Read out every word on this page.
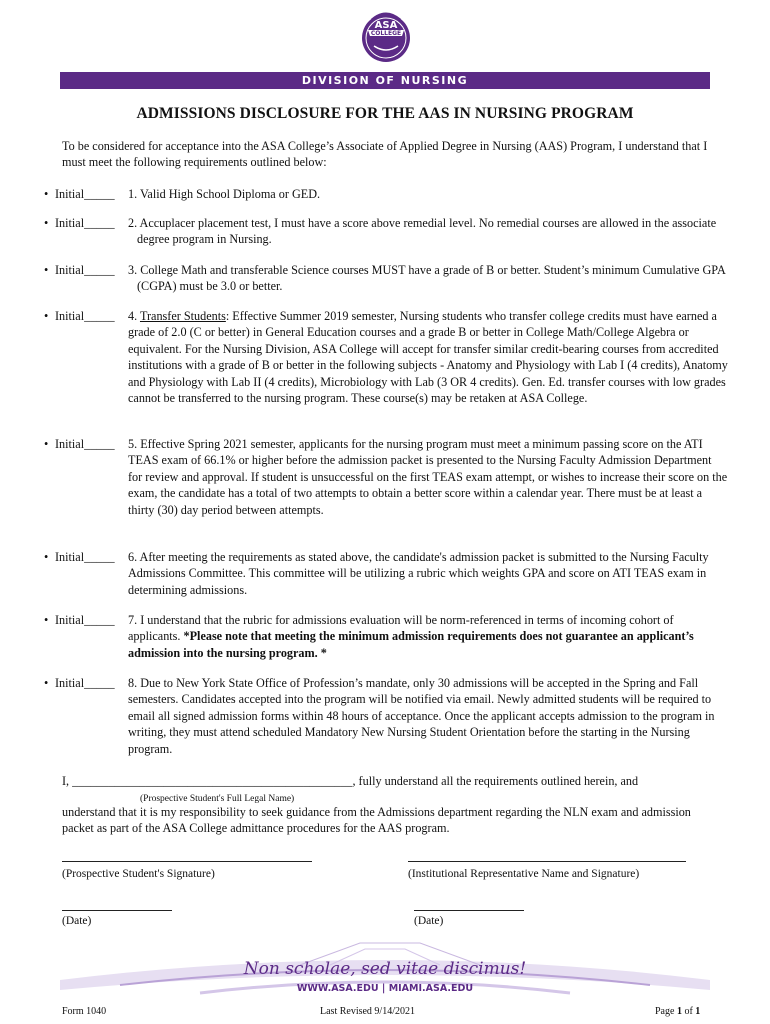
ASA
COLLEGE
DIVISION OF NURSING
ADMISSIONS DISCLOSURE FOR THE AAS IN NURSING PROGRAM

To be considered for acceptance into the ASA College’s Associate of Applied Degree in Nursing (AAS) Program, I understand that I must meet the following requirements outlined below:

• Initial_____ 1. Valid High School Diploma or GED.
• Initial_____ 2. Accuplacer placement test, I must have a score above remedial level. No remedial courses are allowed in the associate degree program in Nursing.
• Initial_____ 3. College Math and transferable Science courses MUST have a grade of B or better. Student’s minimum Cumulative GPA (CGPA) must be 3.0 or better.
• Initial_____ 4. Transfer Students: Effective Summer 2019 semester, Nursing students who transfer college credits must have earned a grade of 2.0 (C or better) in General Education courses and a grade B or better in College Math/College Algebra or equivalent. For the Nursing Division, ASA College will accept for transfer similar credit-bearing courses from accredited institutions with a grade of B or better in the following subjects - Anatomy and Physiology with Lab I (4 credits), Anatomy and Physiology with Lab II (4 credits), Microbiology with Lab (3 OR 4 credits). Gen. Ed. transfer courses with low grades cannot be transferred to the nursing program. These course(s) may be retaken at ASA College.
• Initial_____ 5. Effective Spring 2021 semester, applicants for the nursing program must meet a minimum passing score on the ATI TEAS exam of 66.1% or higher before the admission packet is presented to the Nursing Faculty Admission Department for review and approval. If student is unsuccessful on the first TEAS exam attempt, or wishes to increase their score on the exam, the candidate has a total of two attempts to obtain a better score within a calendar year. There must be at least a thirty (30) day period between attempts.
• Initial_____ 6. After meeting the requirements as stated above, the candidate's admission packet is submitted to the Nursing Faculty Admissions Committee. This committee will be utilizing a rubric which weights GPA and score on ATI TEAS exam in determining admissions.
• Initial_____ 7. I understand that the rubric for admissions evaluation will be norm-referenced in terms of incoming cohort of applicants. *Please note that meeting the minimum admission requirements does not guarantee an applicant’s admission into the nursing program. *
• Initial_____ 8. Due to New York State Office of Profession’s mandate, only 30 admissions will be accepted in the Spring and Fall semesters. Candidates accepted into the program will be notified via email. Newly admitted students will be required to email all signed admission forms within 48 hours of acceptance. Once the applicant accepts admission to the program in writing, they must attend scheduled Mandatory New Nursing Student Orientation before the starting in the Nursing program.
I, ______________________________________________, fully understand all the requirements outlined herein, and
(Prospective Student's Full Legal Name)

understand that it is my responsibility to seek guidance from the Admissions department regarding the NLN exam and admission packet as part of the ASA College admittance procedures for the AAS program.

(Prospective Student's Signature)	(Institutional Representative Name and Signature)
(Date)	(Date)
Non scholae, sed vitae discimus!
WWW.ASA.EDU | MIAMI.ASA.EDU
Form 1040	Last Revised 9/14/2021	Page 1 of 1
